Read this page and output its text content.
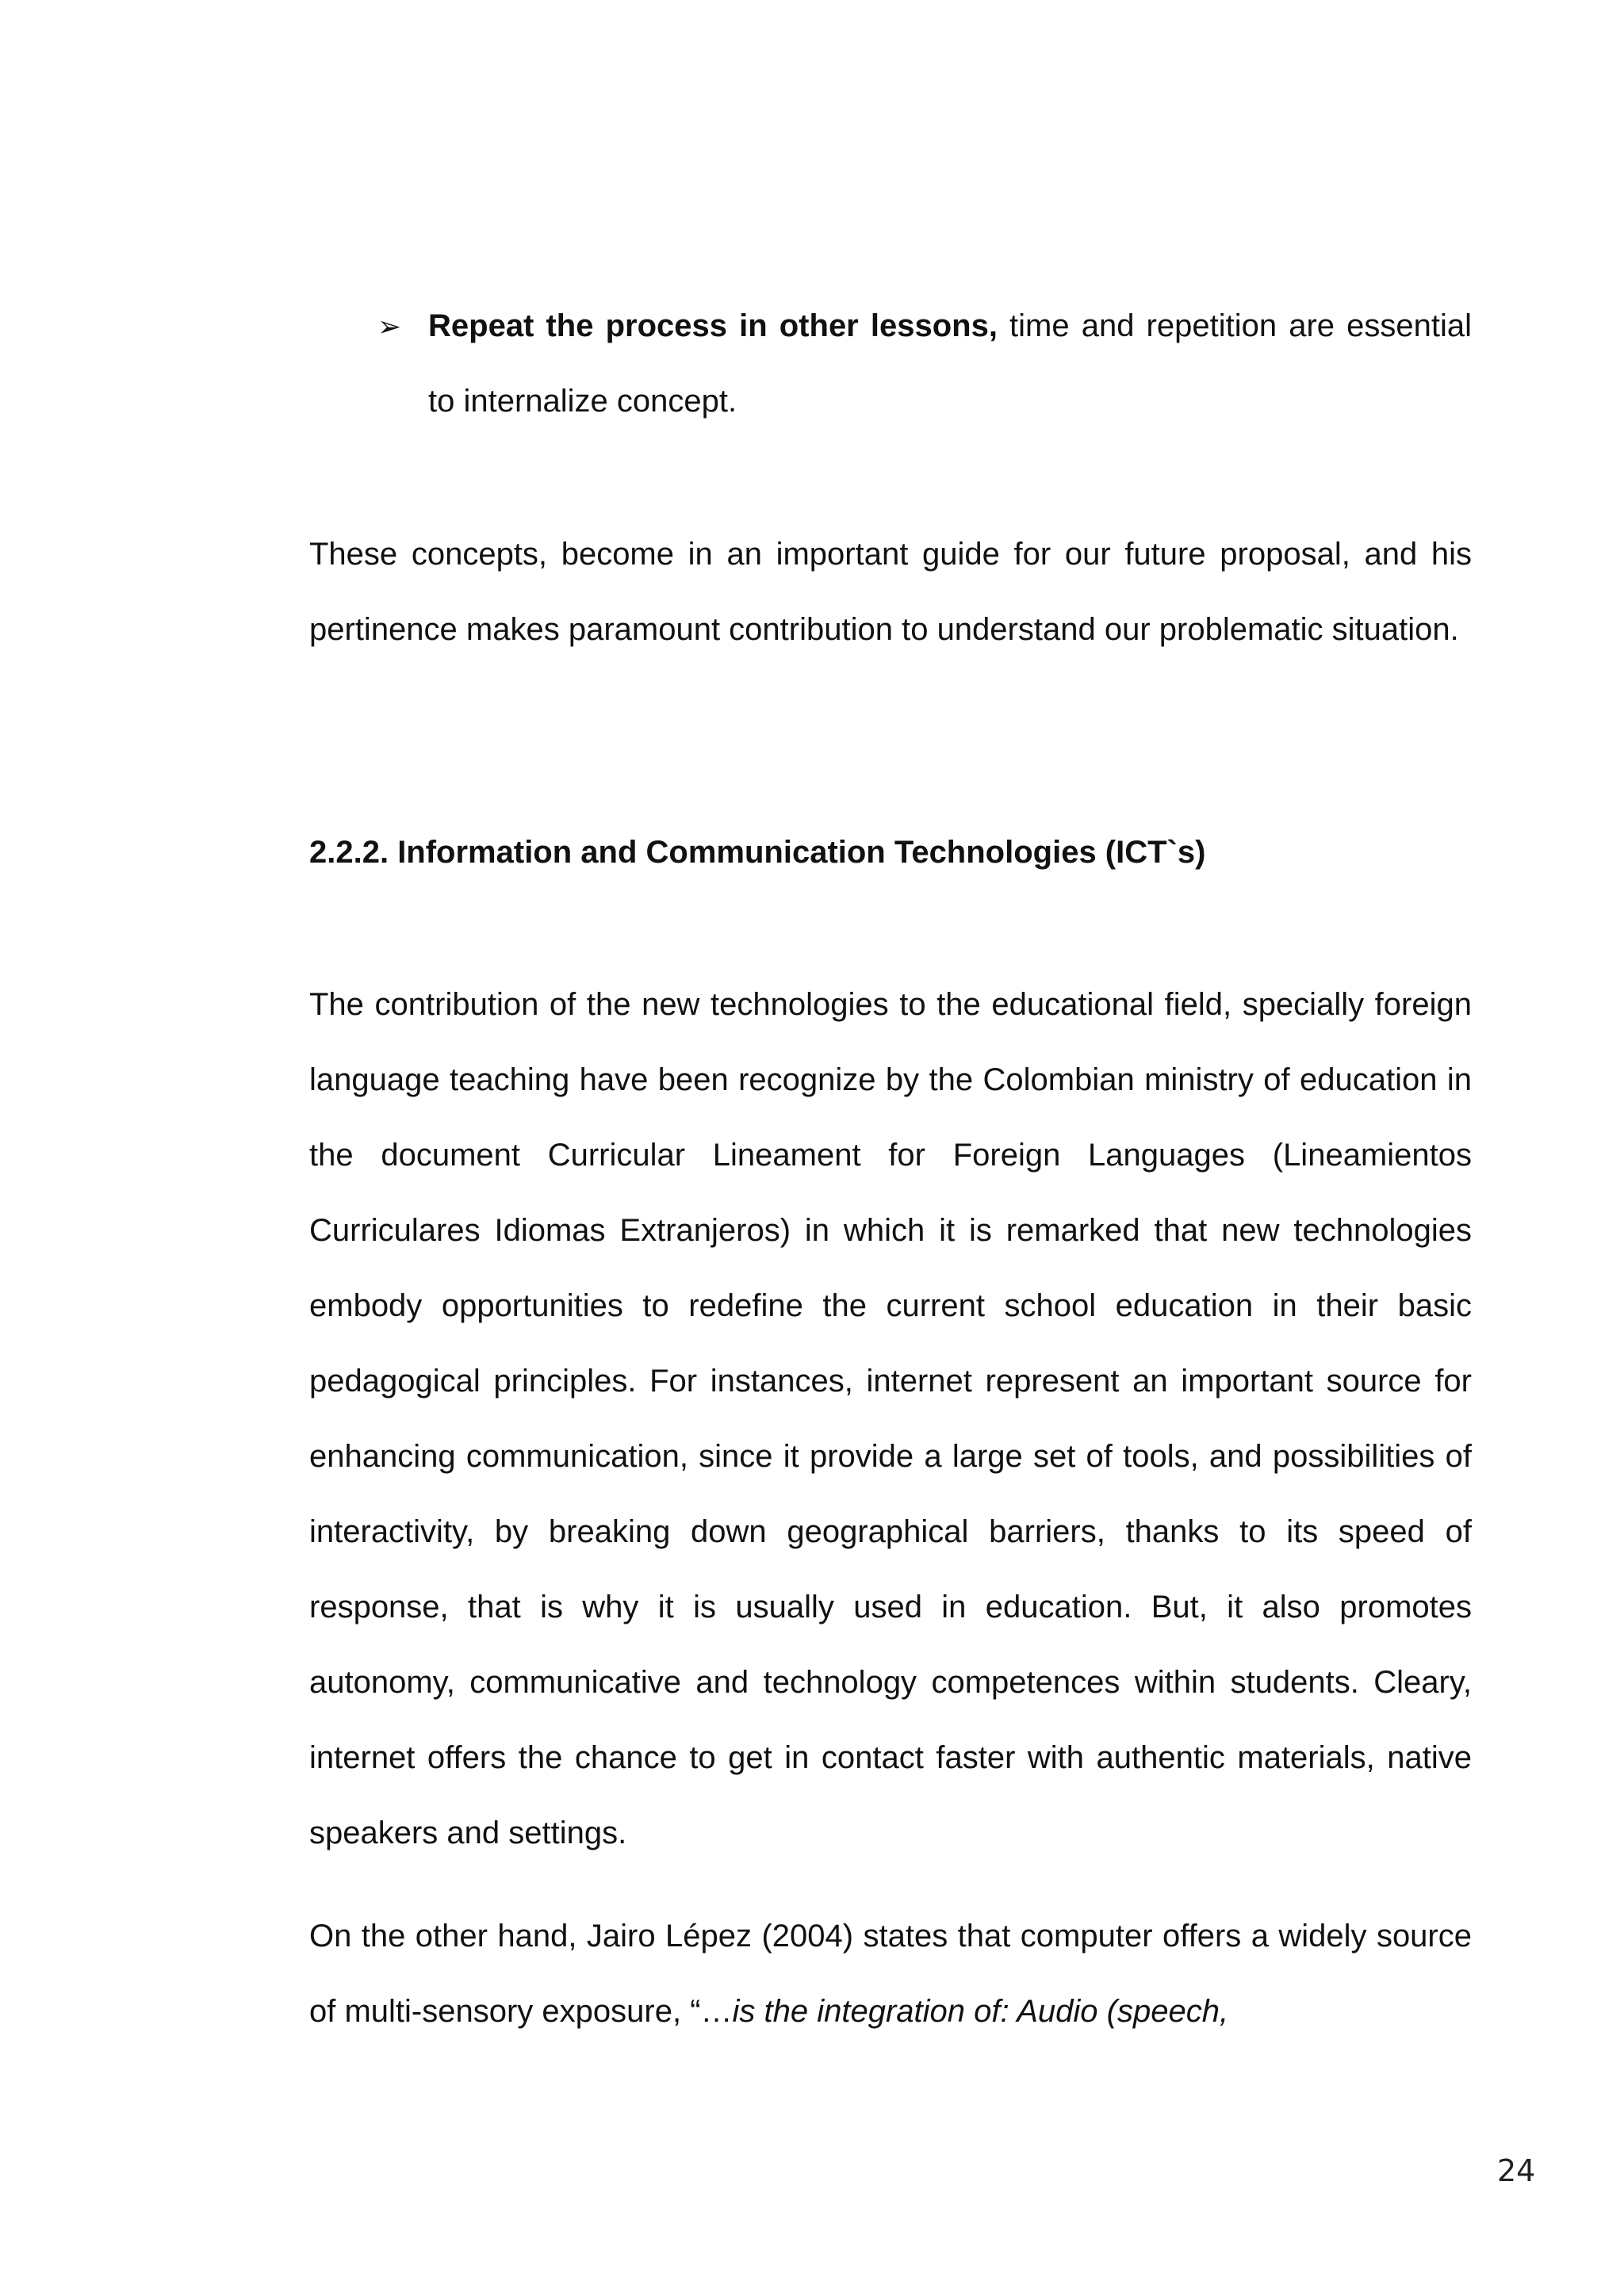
➢ Repeat the process in other lessons, time and repetition are essential to internalize concept.

These concepts, become in an important guide for our future proposal, and his pertinence makes paramount contribution to understand our problematic situation.

2.2.2. Information and Communication Technologies (ICT`s)

The contribution of the new technologies to the educational field, specially foreign language teaching have been recognize by the Colombian ministry of education in the document Curricular Lineament for Foreign Languages (Lineamientos Curriculares Idiomas Extranjeros) in which it is remarked that new technologies embody opportunities to redefine the current school education in their basic pedagogical principles. For instances, internet represent an important source for enhancing communication, since it provide a large set of tools, and possibilities of interactivity, by breaking down geographical barriers, thanks to its speed of response, that is why it is usually used in education. But, it also promotes autonomy, communicative and technology competences within students. Cleary, internet offers the chance to get in contact faster with authentic materials, native speakers and settings.

On the other hand, Jairo Lépez (2004) states that computer offers a widely source of multi-sensory exposure, “…is the integration of: Audio (speech,

24
